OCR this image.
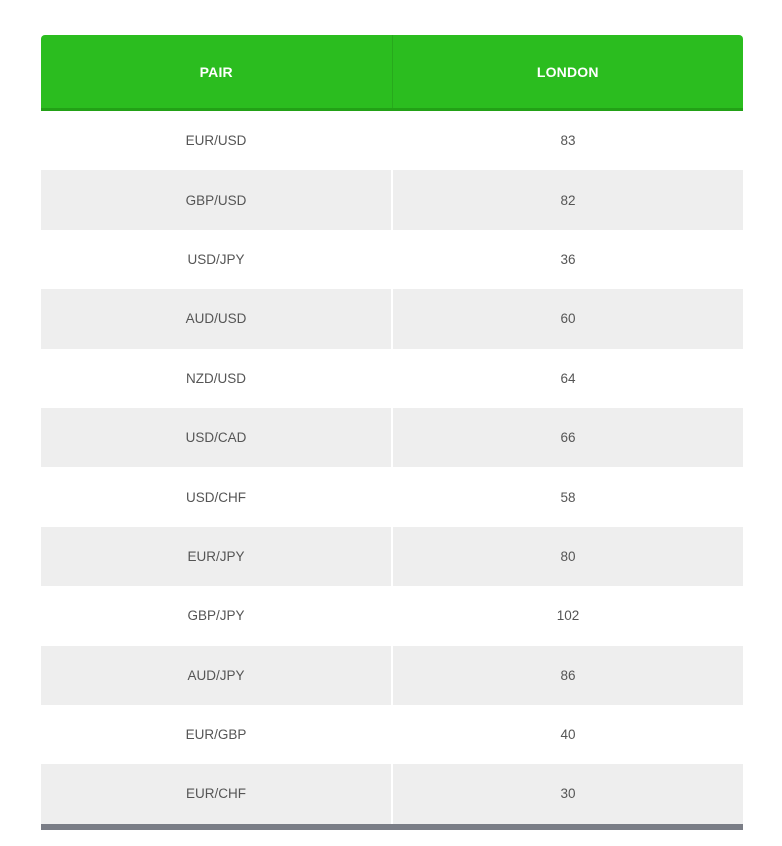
PAIR	LONDON
EUR/USD	83
GBP/USD	82
USD/JPY	36
AUD/USD	60
NZD/USD	64
USD/CAD	66
USD/CHF	58
EUR/JPY	80
GBP/JPY	102
AUD/JPY	86
EUR/GBP	40
EUR/CHF	30
